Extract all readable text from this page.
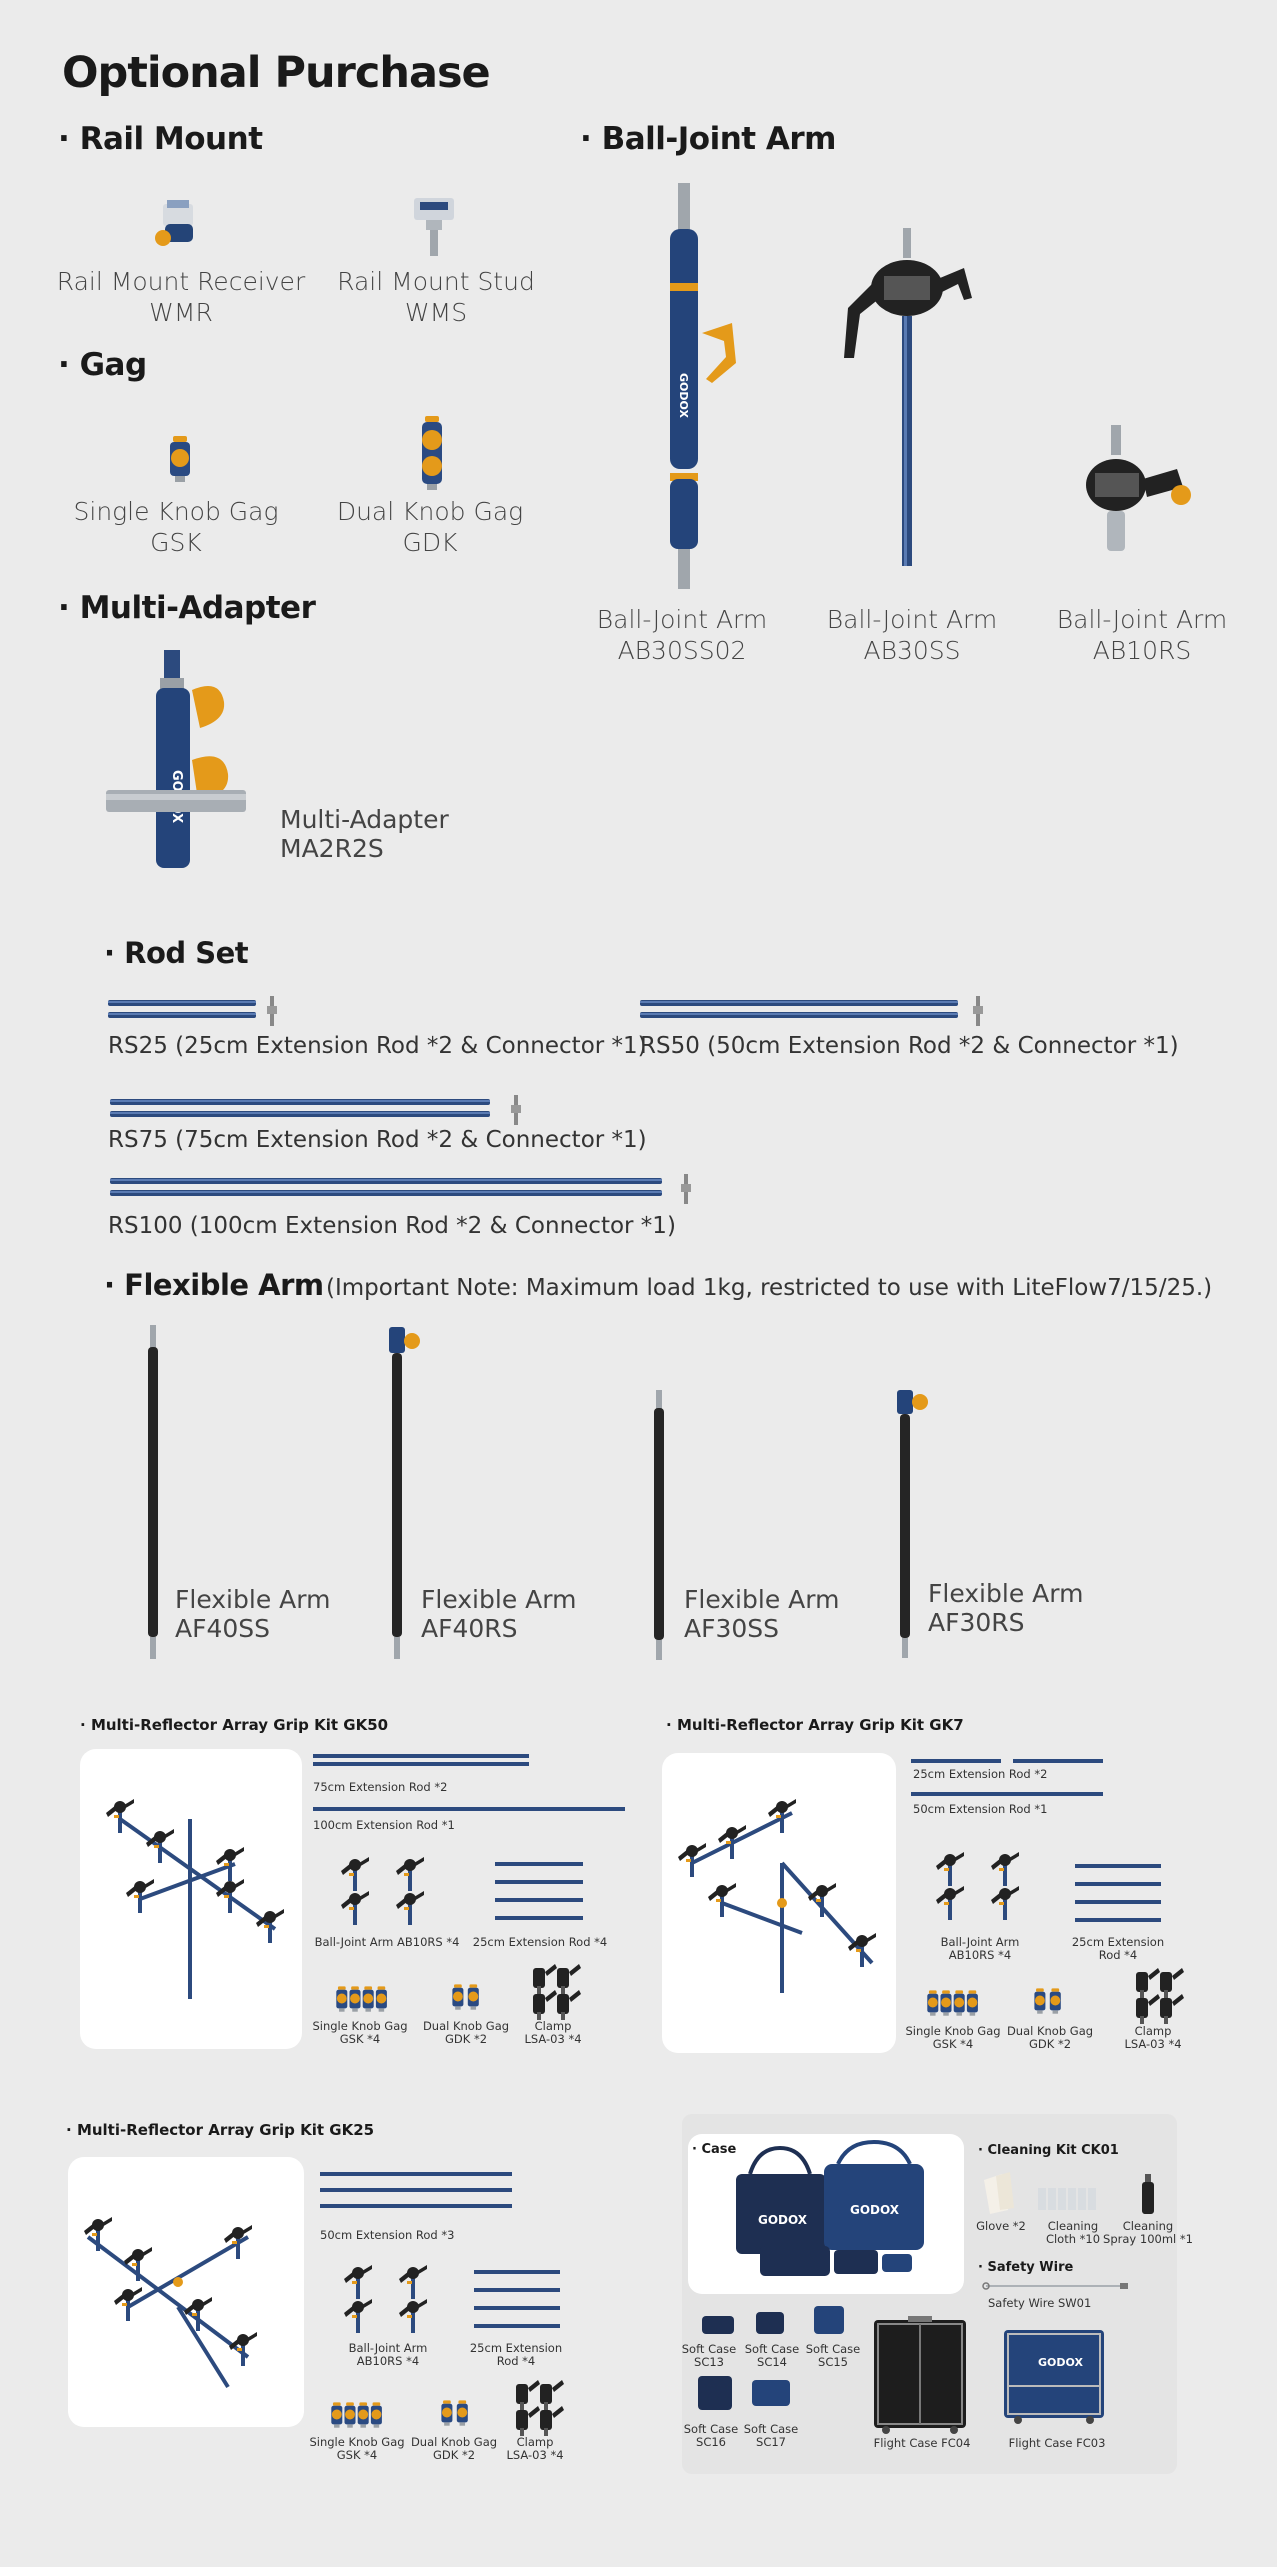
Optional Purchase
· Rail Mount
Rail Mount Receiver
WMR
Rail Mount Stud
WMS
· Gag
Single Knob Gag
GSK
Dual Knob Gag
GDK
· Multi-Adapter
Multi-Adapter
MA2R2S
· Ball-Joint Arm
GODOX
Ball-Joint Arm
AB30SS02
Ball-Joint Arm
AB30SS
Ball-Joint Arm
AB10RS
· Rod Set
RS25 (25cm Extension Rod *2 & Connector *1)
RS50 (50cm Extension Rod *2 & Connector *1)
RS75 (75cm Extension Rod *2 & Connector *1)
RS100 (100cm Extension Rod *2 & Connector *1)
· Flexible Arm (Important Note: Maximum load 1kg, restricted to use with LiteFlow7/15/25.)
Flexible Arm
AF40SS
Flexible Arm
AF40RS
Flexible Arm
AF30SS
Flexible Arm
AF30RS
· Multi-Reflector Array Grip Kit GK50
75cm Extension Rod *2
100cm Extension Rod *1
Ball-Joint Arm AB10RS *4 25cm Extension Rod *4
Single Knob Gag
GSK *4
Dual Knob Gag
GDK *2
Clamp
LSA-03 *4
· Multi-Reflector Array Grip Kit GK7
25cm Extension Rod *2
50cm Extension Rod *1
Ball-Joint Arm
AB10RS *4
25cm Extension
Rod *4
Single Knob Gag
GSK *4
Dual Knob Gag
GDK *2
Clamp
LSA-03 *4
· Multi-Reflector Array Grip Kit GK25
50cm Extension Rod *3
Ball-Joint Arm
AB10RS *4
25cm Extension
Rod *4
Single Knob Gag
GSK *4
Dual Knob Gag
GDK *2
Clamp
LSA-03 *4
GODOX
GODOX
· Case	· Cleaning Kit CK01
Glove *2	Cleaning
Cloth *10
Cleaning
Spray 100ml *1
· Safety Wire
Safety Wire SW01
Soft Case
SC13
Soft Case
SC14
Soft Case
SC15
Soft Case
SC16
Soft Case
SC17	Flight Case FC04
GODOX
Flight Case FC03
